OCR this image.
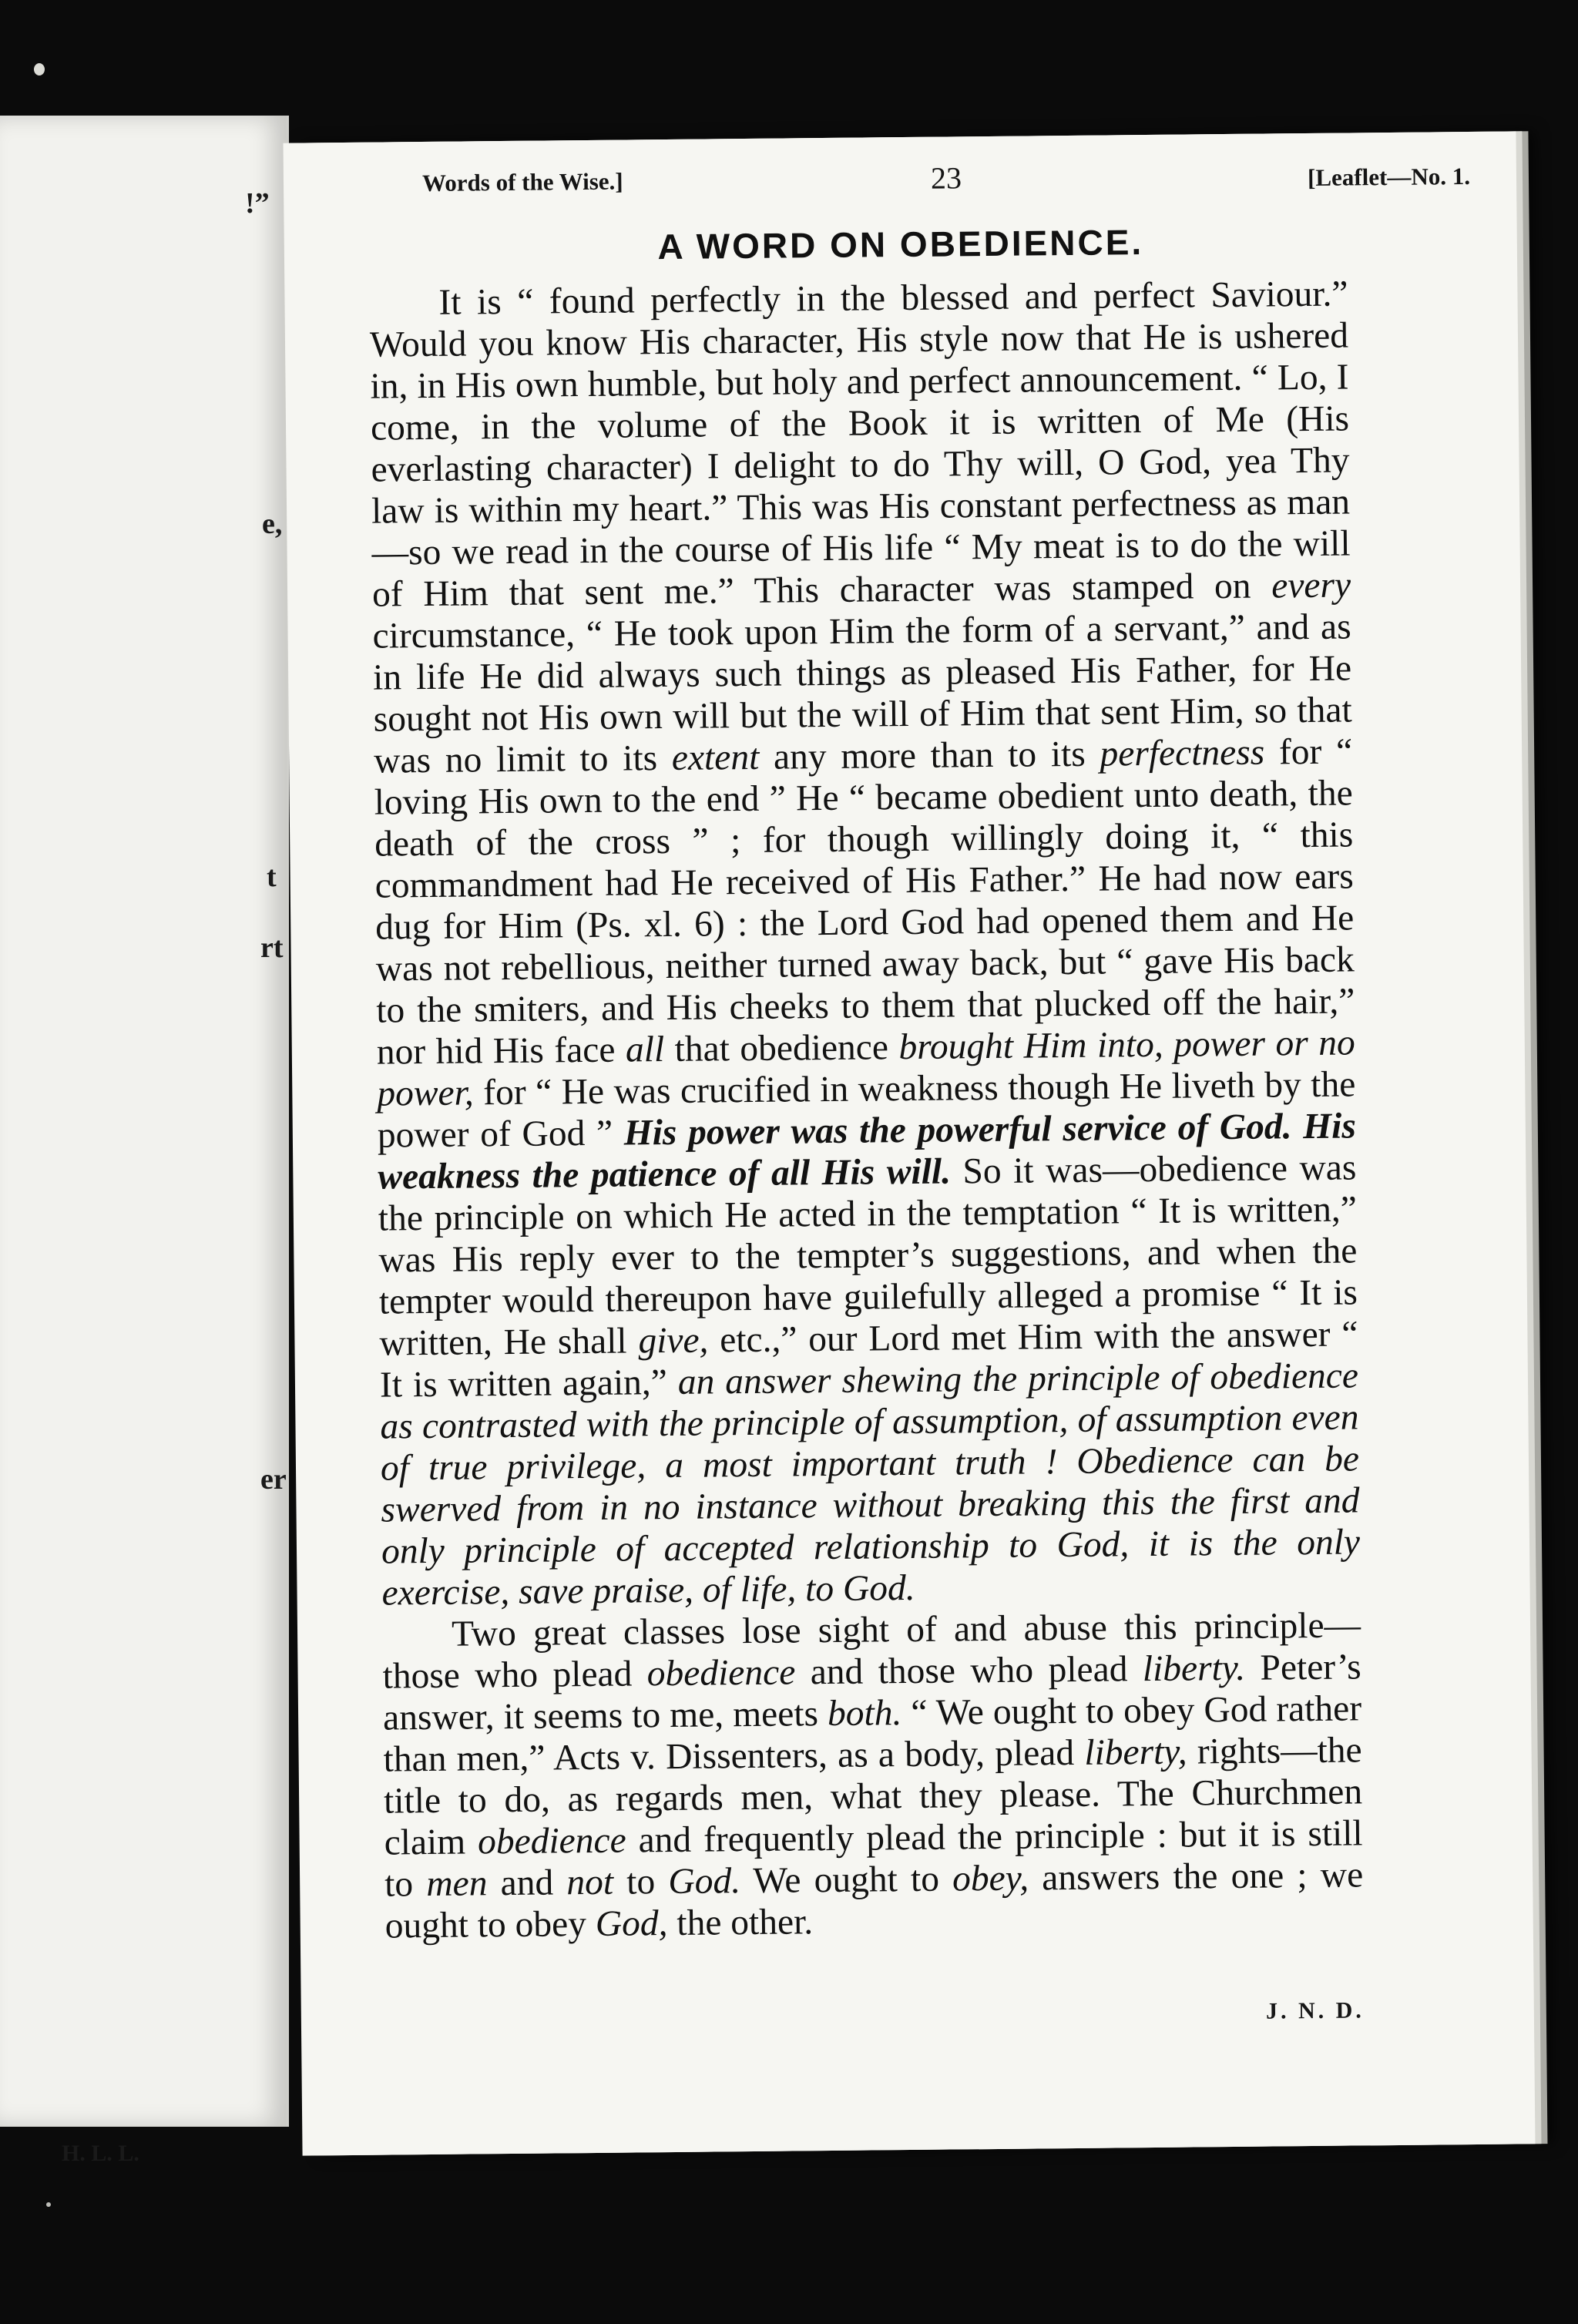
!”
e,
t
rt
er
H. L. L.
Words of the Wise.]	23	[Leaflet—No. 1.
A WORD ON OBEDIENCE.

It is “ found perfectly in the blessed and perfect Saviour.” Would you know His character, His style now that He is ushered in, in His own humble, but holy and perfect announcement. “ Lo, I come, in the volume of the Book it is written of Me (His everlasting character) I delight to do Thy will, O God, yea Thy law is within my heart.” This was His constant perfectness as man—so we read in the course of His life “ My meat is to do the will of Him that sent me.” This character was stamped on every circumstance, “ He took upon Him the form of a servant,” and as in life He did always such things as pleased His Father, for He sought not His own will but the will of Him that sent Him, so that was no limit to its extent any more than to its perfectness for “ loving His own to the end ” He “ became obedient unto death, the death of the cross ” ; for though willingly doing it, “ this commandment had He received of His Father.” He had now ears dug for Him (Ps. xl. 6) : the Lord God had opened them and He was not rebellious, neither turned away back, but “ gave His back to the smiters, and His cheeks to them that plucked off the hair,” nor hid His face all that obedience brought Him into, power or no power, for “ He was crucified in weakness though He liveth by the power of God ” His power was the powerful service of God. His weakness the patience of all His will. So it was—obedience was the principle on which He acted in the temptation “ It is written,” was His reply ever to the tempter’s suggestions, and when the tempter would thereupon have guilefully alleged a promise “ It is written, He shall give, etc.,” our Lord met Him with the answer “ It is written again,” an answer shewing the principle of obedience as contrasted with the principle of assumption, of assumption even of true privilege, a most important truth ! Obedience can be swerved from in no instance without breaking this the first and only principle of accepted relationship to God, it is the only exercise, save praise, of life, to God.

Two great classes lose sight of and abuse this principle—those who plead obedience and those who plead liberty. Peter’s answer, it seems to me, meets both. “ We ought to obey God rather than men,” Acts v. Dissenters, as a body, plead liberty, rights—the title to do, as regards men, what they please. The Churchmen claim obedience and frequently plead the principle : but it is still to men and not to God. We ought to obey, answers the one ; we ought to obey God, the other.

J. N. D.
